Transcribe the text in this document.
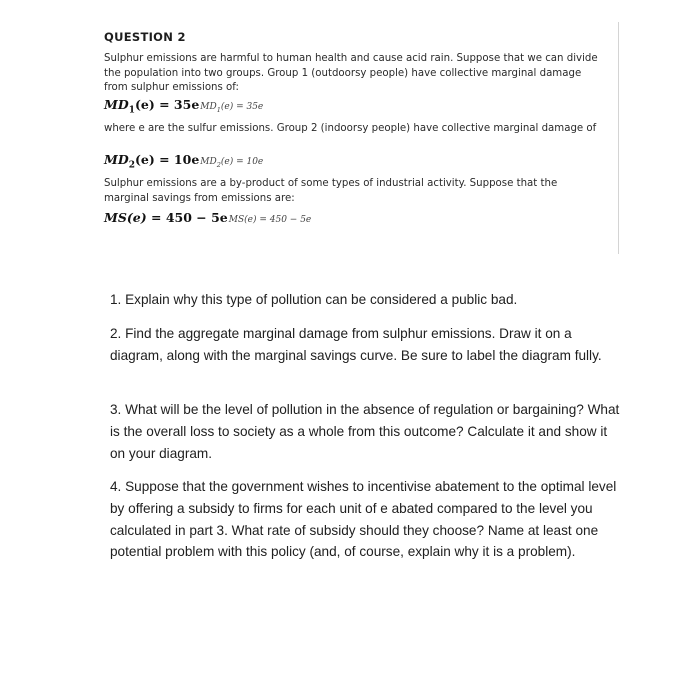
QUESTION 2
Sulphur emissions are harmful to human health and cause acid rain. Suppose that we can divide the population into two groups. Group 1 (outdoorsy people) have collective marginal damage from sulphur emissions of:
$MD_1(e) = 35eMD_1(e) = 35e$
where e are the sulfur emissions. Group 2 (indoorsy people) have collective marginal damage of
$MD_2(e) = 10eMD_2(e) = 10e$
Sulphur emissions are a by-product of some types of industrial activity. Suppose that the marginal savings from emissions are:
MS(e) = 450 − 5eMS(e) = 450 − 5e
1. Explain why this type of pollution can be considered a public bad.
2. Find the aggregate marginal damage from sulphur emissions. Draw it on a diagram, along with the marginal savings curve. Be sure to label the diagram fully.
3. What will be the level of pollution in the absence of regulation or bargaining? What is the overall loss to society as a whole from this outcome? Calculate it and show it on your diagram.
4. Suppose that the government wishes to incentivise abatement to the optimal level by offering a subsidy to firms for each unit of e abated compared to the level you calculated in part 3. What rate of subsidy should they choose? Name at least one potential problem with this policy (and, of course, explain why it is a problem).
